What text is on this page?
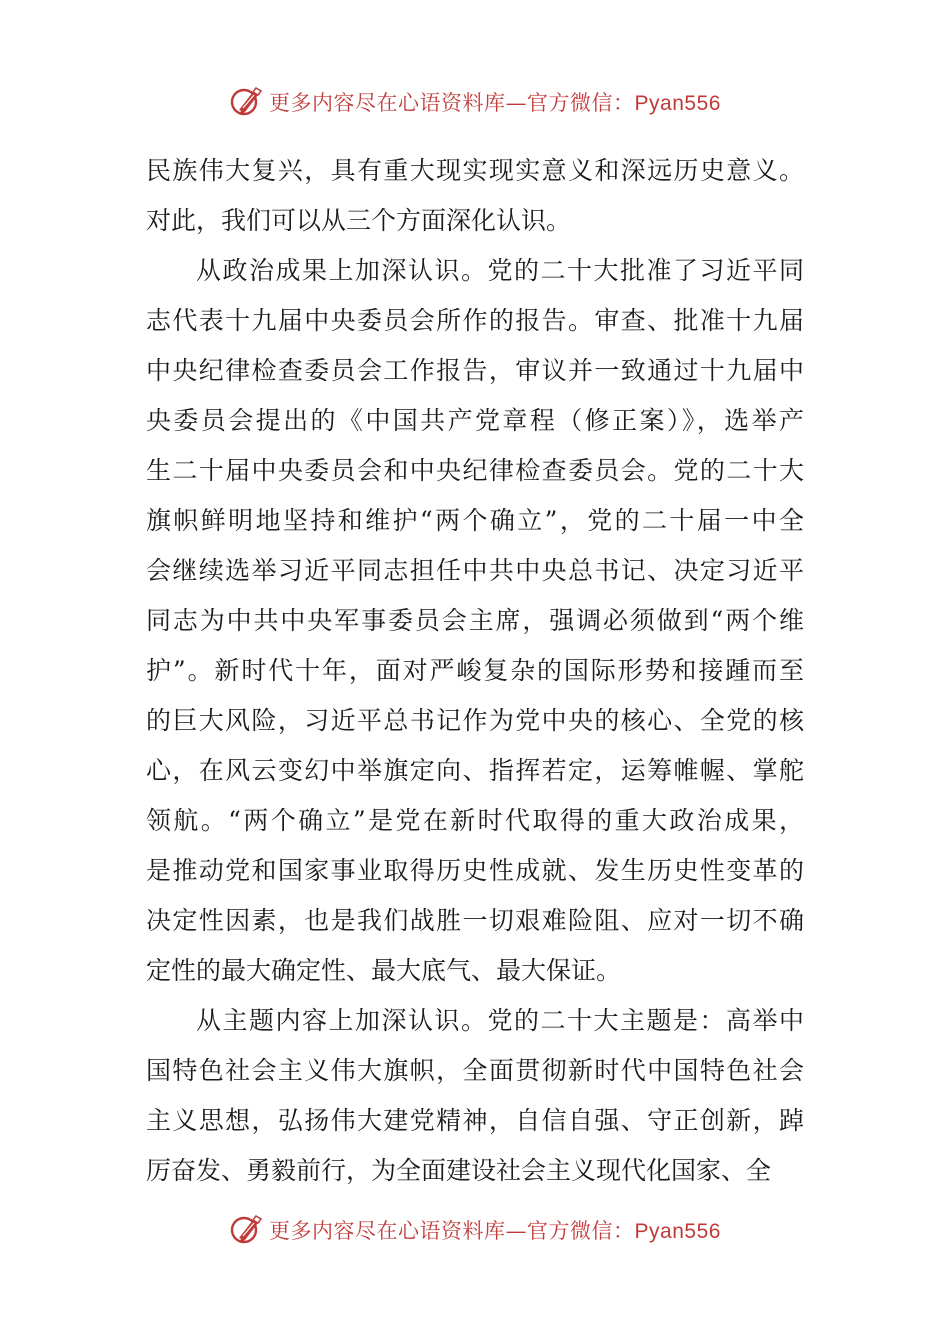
更多内容尽在心语资料库—官方微信：Pyan556
民族伟大复兴，具有重大现实现实意义和深远历史意义。
对此，我们可以从三个方面深化认识。
从政治成果上加深认识。党的二十大批准了习近平同
志代表十九届中央委员会所作的报告。审查、批准十九届
中央纪律检查委员会工作报告，审议并一致通过十九届中
央委员会提出的《中国共产党章程（修正案）》，选举产
生二十届中央委员会和中央纪律检查委员会。党的二十大
旗帜鲜明地坚持和维护“两个确立”，党的二十届一中全
会继续选举习近平同志担任中共中央总书记、决定习近平
同志为中共中央军事委员会主席，强调必须做到“两个维
护”。新时代十年，面对严峻复杂的国际形势和接踵而至
的巨大风险，习近平总书记作为党中央的核心、全党的核
心，在风云变幻中举旗定向、指挥若定，运筹帷幄、掌舵
领航。“两个确立”是党在新时代取得的重大政治成果，
是推动党和国家事业取得历史性成就、发生历史性变革的
决定性因素，也是我们战胜一切艰难险阻、应对一切不确
定性的最大确定性、最大底气、最大保证。
从主题内容上加深认识。党的二十大主题是：高举中
国特色社会主义伟大旗帜，全面贯彻新时代中国特色社会
主义思想，弘扬伟大建党精神，自信自强、守正创新，踔
厉奋发、勇毅前行，为全面建设社会主义现代化国家、全
更多内容尽在心语资料库—官方微信：Pyan556
